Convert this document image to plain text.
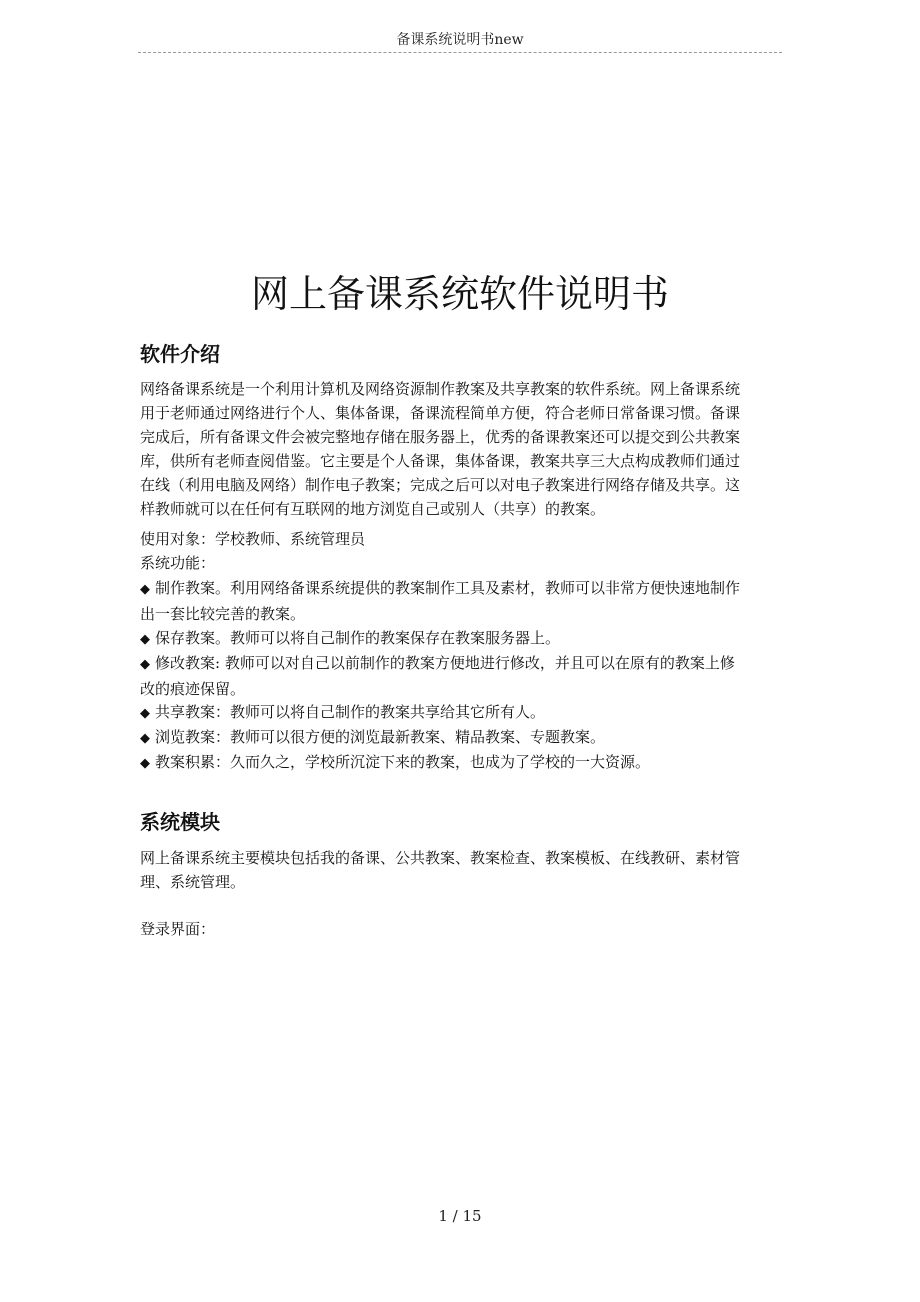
备课系统说明书new
网上备课系统软件说明书
软件介绍

网络备课系统是一个利用计算机及网络资源制作教案及共享教案的软件系统。网上备课系统
用于老师通过网络进行个人、集体备课，备课流程简单方便，符合老师日常备课习惯。备课
完成后，所有备课文件会被完整地存储在服务器上，优秀的备课教案还可以提交到公共教案
库，供所有老师查阅借鉴。它主要是个人备课，集体备课，教案共享三大点构成教师们通过
在线（利用电脑及网络）制作电子教案；完成之后可以对电子教案进行网络存储及共享。这
样教师就可以在任何有互联网的地方浏览自己或别人（共享）的教案。

使用对象：学校教师、系统管理员

系统功能：

◆ 制作教案。利用网络备课系统提供的教案制作工具及素材，教师可以非常方便快速地制作
出一套比较完善的教案。
◆ 保存教案。教师可以将自己制作的教案保存在教案服务器上。
◆ 修改教案: 教师可以对自己以前制作的教案方便地进行修改，并且可以在原有的教案上修
改的痕迹保留。
◆ 共享教案：教师可以将自己制作的教案共享给其它所有人。
◆ 浏览教案：教师可以很方便的浏览最新教案、精品教案、专题教案。
◆ 教案积累：久而久之，学校所沉淀下来的教案，也成为了学校的一大资源。
系统模块

网上备课系统主要模块包括我的备课、公共教案、教案检查、教案模板、在线教研、素材管
理、系统管理。

登录界面：

1 / 15
